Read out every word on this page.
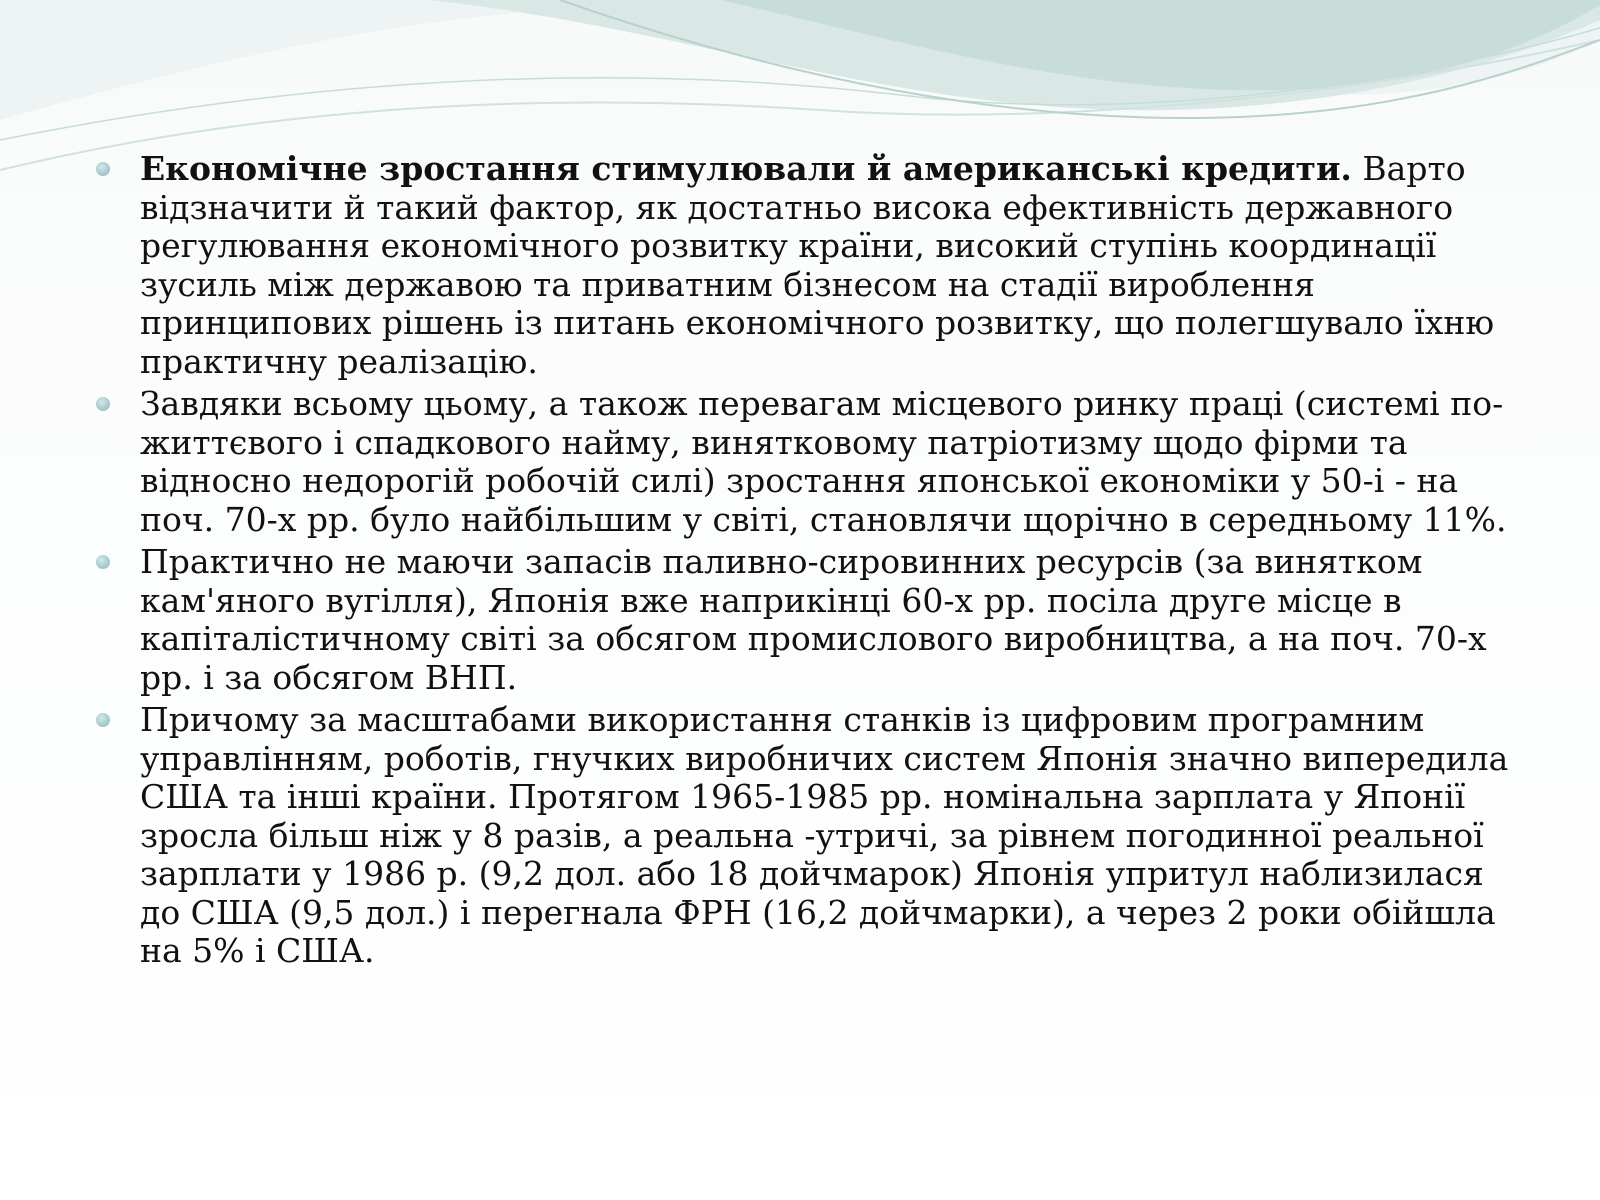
Економічне зростання стимулювали й американські кредити. Варто відзначити й такий фактор, як достатньо висока ефективність державного регулювання економічного розвитку країни, високий ступінь координації зусиль між державою та приватним бізнесом на стадії вироблення принципових рішень із питань економічного розвитку, що полегшувало їхню практичну реалізацію.
Завдяки всьому цьому, а також перевагам місцевого ринку праці (системі по-життєвого і спадкового найму, винятковому патріотизму щодо фірми та відносно недорогій робочій силі) зростання японської економіки у 50-і - на поч. 70-х рр. було найбільшим у світі, становлячи щорічно в середньому 11%.
Практично не маючи запасів паливно-сировинних ресурсів (за винятком кам'яного вугілля), Японія вже наприкінці 60-х рр. посіла друге місце в капіталістичному світі за обсягом промислового виробництва, а на поч. 70-х рр. і за обсягом ВНП.
Причому за масштабами використання станків із цифровим програмним управлінням, роботів, гнучких виробничих систем Японія значно випередила США та інші країни. Протягом 1965-1985 рр. номінальна зарплата у Японії зросла більш ніж у 8 разів, а реальна -утричі, за рівнем погодинної реальної зарплати у 1986 р. (9,2 дол. або 18 дойчмарок) Японія упритул наблизилася до США (9,5 дол.) і перегнала ФРН (16,2 дойчмарки), а через 2 роки обійшла на 5% і США.
